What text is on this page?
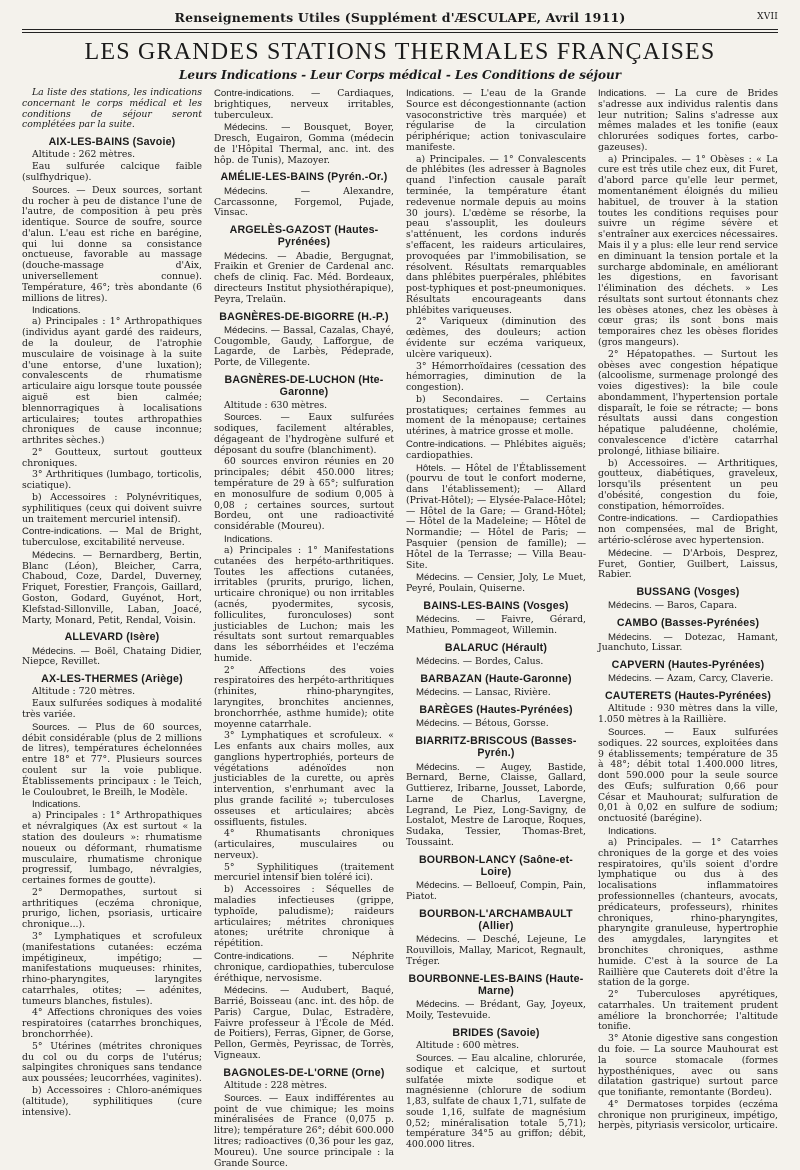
Renseignements Utiles (Supplément d'ÆSCULAPE, Avril 1911)	XVII
LES GRANDES STATIONS THERMALES FRANÇAISES
Leurs Indications - Leur Corps médical - Les Conditions de séjour

La liste des stations, les indications concernant le corps médical et les conditions de séjour seront complétées par la suite.

AIX-LES-BAINS (Savoie)

Altitude : 262 mètres.

Eau sulfurée calcique faible (sulfhydrique).

Sources. — Deux sources, sortant du rocher à peu de distance l'une de l'autre, de composition à peu près identique. Source de soufre, source d'alun. L'eau est riche en barégine, qui lui donne sa consistance onctueuse, favorable au massage (douche-massage d'Aix, universellement connue). Température, 46°; très abondante (6 millions de litres).

Indications.

a) Principales : 1° Arthropathiques (individus ayant gardé des raideurs, de la douleur, de l'atrophie musculaire de voisinage à la suite d'une entorse, d'une luxation); convalescents de rhumatisme articulaire aigu lorsque toute poussée aiguë est bien calmée; blennorragiques à localisations articulaires; toutes arthropathies chroniques de cause inconnue; arthrites sèches.)

2° Goutteux, surtout goutteux chroniques.

3° Arthritiques (lumbago, torticolis, sciatique).

b) Accessoires : Polynévritiques, syphilitiques (ceux qui doivent suivre un traitement mercuriel intensif).

Contre-indications. — Mal de Bright, tuberculose, excitabilité nerveuse.

Médecins. — Bernardberg, Bertin, Blanc (Léon), Bleicher, Carra, Chaboud, Coze, Dardel, Duverney, Friquet, Forestier, François, Gaillard, Goston, Godard, Guyénot, Hort, Klefstad-Sillonville, Laban, Joacé, Marty, Monard, Petit, Rendal, Voisin.

ALLEVARD (Isère)

Médecins. — Boël, Chataing Didier, Niepce, Revillet.

AX-LES-THERMES (Ariège)

Altitude : 720 mètres.

Eaux sulfurées sodiques à modalité très variée.

Sources. — Plus de 60 sources, débit considérable (plus de 2 millions de litres), températures échelonnées entre 18° et 77°. Plusieurs sources coulent sur la voie publique. Établissements principaux : le Teich, le Couloubret, le Breilh, le Modèle.

Indications.

a) Principales : 1° Arthropathiques et névralgiques (Ax est surtout « la station des douleurs »: rhumatisme noueux ou déformant, rhumatisme musculaire, rhumatisme chronique progressif, lumbago, névralgies, certaines formes de goutte).

2° Dermopathes, surtout si arthritiques (eczéma chronique, prurigo, lichen, psoriasis, urticaire chronique...).

3° Lymphatiques et scrofuleux (manifestations cutanées: eczéma impétigineux, impétigo; — manifestations muqueuses: rhinites, rhino-pharyngites, laryngites catarrhales, otites; — adénites, tumeurs blanches, fistules).

4° Affections chroniques des voies respiratoires (catarrhes bronchiques, bronchorrhée).

5° Utérines (métrites chroniques du col ou du corps de l'utérus; salpingites chroniques sans tendance aux poussées; leucorrhées, vaginites).

b) Accessoires : Chloro-anémiques (altitude), syphilitiques (cure intensive).

Contre-indications. — Cardiaques, brightiques, nerveux irritables, tuberculeux.

Médecins. — Bousquet, Boyer, Dresch, Eugairon, Gomma (médecin de l'Hôpital Thermal, anc. int. des hôp. de Tunis), Mazoyer.

AMÉLIE-LES-BAINS (Pyrén.-Or.)

Médecins. — Alexandre, Carcassonne, Forgemol, Pujade, Vinsac.

ARGELÈS-GAZOST (Hautes-Pyrénées)

Médecins. — Abadie, Bergugnat, Fraikin et Grenier de Cardenal anc. chefs de cliniq. Fac. Méd. Bordeaux, directeurs Institut physiothérapique), Peyra, Trelaün.

BAGNÈRES-DE-BIGORRE (H.-P.)

Médecins. — Bassal, Cazalas, Chayé, Cougomble, Gaudy, Lafforgue, de Lagarde, de Larbès, Pédeprade, Porte, de Villegente.

BAGNÈRES-DE-LUCHON (Hte-Garonne)

Altitude : 630 mètres.

Sources. — Eaux sulfurées sodiques, facilement altérables, dégageant de l'hydrogène sulfuré et déposant du soufre (blanchiment).

60 sources environ réunies en 20 principales; débit 450.000 litres; température de 29 à 65°; sulfuration en monosulfure de sodium 0,005 à 0,08 ; certaines sources, surtout Bordeu, ont une radioactivité considérable (Moureu).

Indications.

a) Principales : 1° Manifestations cutanées des herpéto-arthritiques. Toutes les affections cutanées, irritables (prurits, prurigo, lichen, urticaire chronique) ou non irritables (acnés, pyodermites, sycosis, folliculites, furonculoses) sont justiciables de Luchon; mais les résultats sont surtout remarquables dans les séborrhéides et l'eczéma humide.

2° Affections des voies respiratoires des herpéto-arthritiques (rhinites, rhino-pharyngites, laryngites, bronchites anciennes, bronchorrhée, asthme humide); otite moyenne catarrhale.

3° Lymphatiques et scrofuleux. « Les enfants aux chairs molles, aux ganglions hypertrophiés, porteurs de végétations adénoïdes non justiciables de la curette, ou après intervention, s'enrhumant avec la plus grande facilité »; tuberculoses osseuses et articulaires; abcès ossifluents, fistules.

4° Rhumatisants chroniques (articulaires, musculaires ou nerveux).

5° Syphilitiques (traitement mercuriel intensif bien toléré ici).

b) Accessoires : Séquelles de maladies infectieuses (grippe, typhoïde, paludisme); raideurs articulaires; métrites chroniques atones; urétrite chronique à répétition.

Contre-indications. — Néphrite chronique, cardiopathies, tuberculose éréthique, nervosisme.

Médecins. — Audubert, Baqué, Barrié, Boisseau (anc. int. des hôp. de Paris) Cargue, Dulac, Estradère, Faivre professeur à l'École de Méd. de Poitiers), Ferras, Gipner, de Gorse, Pellon, Germès, Peyrissac, de Torrès, Vigneaux.

BAGNOLES-DE-L'ORNE (Orne)

Altitude : 228 mètres.

Sources. — Eaux indifférentes au point de vue chimique; les moins minéralisées de France (0,075 p. litre); température 26°; débit 600.000 litres; radioactives (0,36 pour les gaz, Moureu). Une source principale : la Grande Source.

Indications. — L'eau de la Grande Source est décongestionnante (action vasoconstrictive très marquée) et régularise de la circulation périphérique; action tonivasculaire manifeste.

a) Principales. — 1° Convalescents de phlébites (les adresser à Bagnoles quand l'infection causale paraît terminée, la température étant redevenue normale depuis au moins 30 jours). L'œdème se résorbe, la peau s'assouplit, les douleurs s'atténuent, les cordons indurés s'effacent, les raideurs articulaires, provoquées par l'immobilisation, se résolvent. Résultats remarquables dans phlébites puerpérales, phlébites post-typhiques et post-pneumoniques. Résultats encourageants dans phlébites variqueuses.

2° Variqueux (diminution des œdèmes, des douleurs; action évidente sur eczéma variqueux, ulcère variqueux).

3° Hémorrhoïdaires (cessation des hémorragies, diminution de la congestion).

b) Secondaires. — Certains prostatiques; certaines femmes au moment de la ménopause; certaines utérines, à matrice grosse et molle.

Contre-indications. — Phlébites aiguës; cardiopathies.

Hôtels. — Hôtel de l'Établissement (pourvu de tout le confort moderne, dans l'établissement); — Allard (Privat-Hôtel); — Elysée-Palace-Hôtel; — Hôtel de la Gare; — Grand-Hôtel; — Hôtel de la Madeleine; — Hôtel de Normandie; — Hôtel de Paris; — Pasquier (pension de famille); — Hôtel de la Terrasse; — Villa Beau-Site.

Médecins. — Censier, Joly, Le Muet, Peyré, Poulain, Quiserne.

BAINS-LES-BAINS (Vosges)

Médecins. — Faivre, Gérard, Mathieu, Pommageot, Willemin.

BALARUC (Hérault)

Médecins. — Bordes, Calus.

BARBAZAN (Haute-Garonne)

Médecins. — Lansac, Rivière.

BARÈGES (Hautes-Pyrénées)

Médecins. — Bétous, Gorsse.

BIARRITZ-BRISCOUS (Basses-Pyrén.)

Médecins. — Augey, Bastide, Bernard, Berne, Claisse, Gallard, Guttierez, Iribarne, Jousset, Laborde, Larne de Charlus, Lavergne, Legrand, Le Piez, Long-Savigny, de Lostalot, Mestre de Laroque, Roques, Sudaka, Tessier, Thomas-Bret, Toussaint.

BOURBON-LANCY (Saône-et-Loire)

Médecins. — Belloeuf, Compin, Pain, Piatot.

BOURBON-L'ARCHAMBAULT (Allier)

Médecins. — Desché, Lejeune, Le Rouvillois, Mallay, Maricot, Regnault, Tréger.

BOURBONNE-LES-BAINS (Haute-Marne)

Médecins. — Brédant, Gay, Joyeux, Moily, Testevuide.

BRIDES (Savoie)

Altitude : 600 mètres.

Sources. — Eau alcaline, chlorurée, sodique et calcique, et surtout sulfatée mixte sodique et magnésienne (chlorure de sodium 1,83, sulfate de chaux 1,71, sulfate de soude 1,16, sulfate de magnésium 0,52; minéralisation totale 5,71); température 34°5 au griffon; débit, 400.000 litres.

Indications. — La cure de Brides s'adresse aux individus ralentis dans leur nutrition; Salins s'adresse aux mêmes malades et les tonifie (eaux chlorurées sodiques fortes, carbo-gazeuses).

a) Principales. — 1° Obèses : « La cure est très utile chez eux, dit Furet, d'abord parce qu'elle leur permet, momentanément éloignés du milieu habituel, de trouver à la station toutes les conditions requises pour suivre un régime sévère et s'entraîner aux exercices nécessaires. Mais il y a plus: elle leur rend service en diminuant la tension portale et la surcharge abdominale, en améliorant les digestions, en favorisant l'élimination des déchets. » Les résultats sont surtout étonnants chez les obèses atones, chez les obèses à cœur gras; ils sont bons mais temporaires chez les obèses florides (gros mangeurs).

2° Hépatopathes. — Surtout les obèses avec congestion hépatique (alcoolisme, surmenage prolongé des voies digestives): la bile coule abondamment, l'hypertension portale disparaît, le foie se rétracte; — bons résultats aussi dans congestion hépatique paludéenne, cholémie, convalescence d'ictère catarrhal prolongé, lithiase biliaire.

b) Accessoires. — Arthritiques, goutteux, diabétiques, graveleux, lorsqu'ils présentent un peu d'obésité, congestion du foie, constipation, hémorroïdes.

Contre-indications. — Cardiopathies non compensées, mal de Bright, artério-sclérose avec hypertension.

Médecine. — D'Arbois, Desprez, Furet, Gontier, Guilbert, Laissus, Rabier.

BUSSANG (Vosges)

Médecins. — Baros, Capara.

CAMBO (Basses-Pyrénées)

Médecins. — Dotezac, Hamant, Juanchuto, Lissar.

CAPVERN (Hautes-Pyrénées)

Médecins. — Azam, Carcy, Claverie.

CAUTERETS (Hautes-Pyrénées)

Altitude : 930 mètres dans la ville, 1.050 mètres à la Raillière.

Sources. — Eaux sulfurées sodiques. 22 sources, exploitées dans 9 établissements; température de 35 à 48°; débit total 1.400.000 litres, dont 590.000 pour la seule source des Œufs; sulfuration 0,66 pour César et Mauhourat; sulfuration de 0,01 à 0,02 en sulfure de sodium; onctuosité (barégine).

Indications.

a) Principales. — 1° Catarrhes chroniques de la gorge et des voies respiratoires, qu'ils soient d'ordre lymphatique ou dus à des localisations inflammatoires professionnelles (chanteurs, avocats, prédicateurs, professeurs), rhinites chroniques, rhino-pharyngites, pharyngite granuleuse, hypertrophie des amygdales, laryngites et bronchites chroniques, asthme humide. C'est à la source de La Raillière que Cauterets doit d'être la station de la gorge.

2° Tuberculoses apyrétiques, catarrhales. Un traitement prudent améliore la bronchorrée; l'altitude tonifie.

3° Atonie digestive sans congestion du foie. — La source Mauhourat est la source stomacale (formes hyposthéniques, avec ou sans dilatation gastrique) surtout parce que tonifiante, remontante (Bordeu).

4° Dermatoses torpides (eczéma chronique non prurigineux, impétigo, herpès, pityriasis versicolor, urticaire.
